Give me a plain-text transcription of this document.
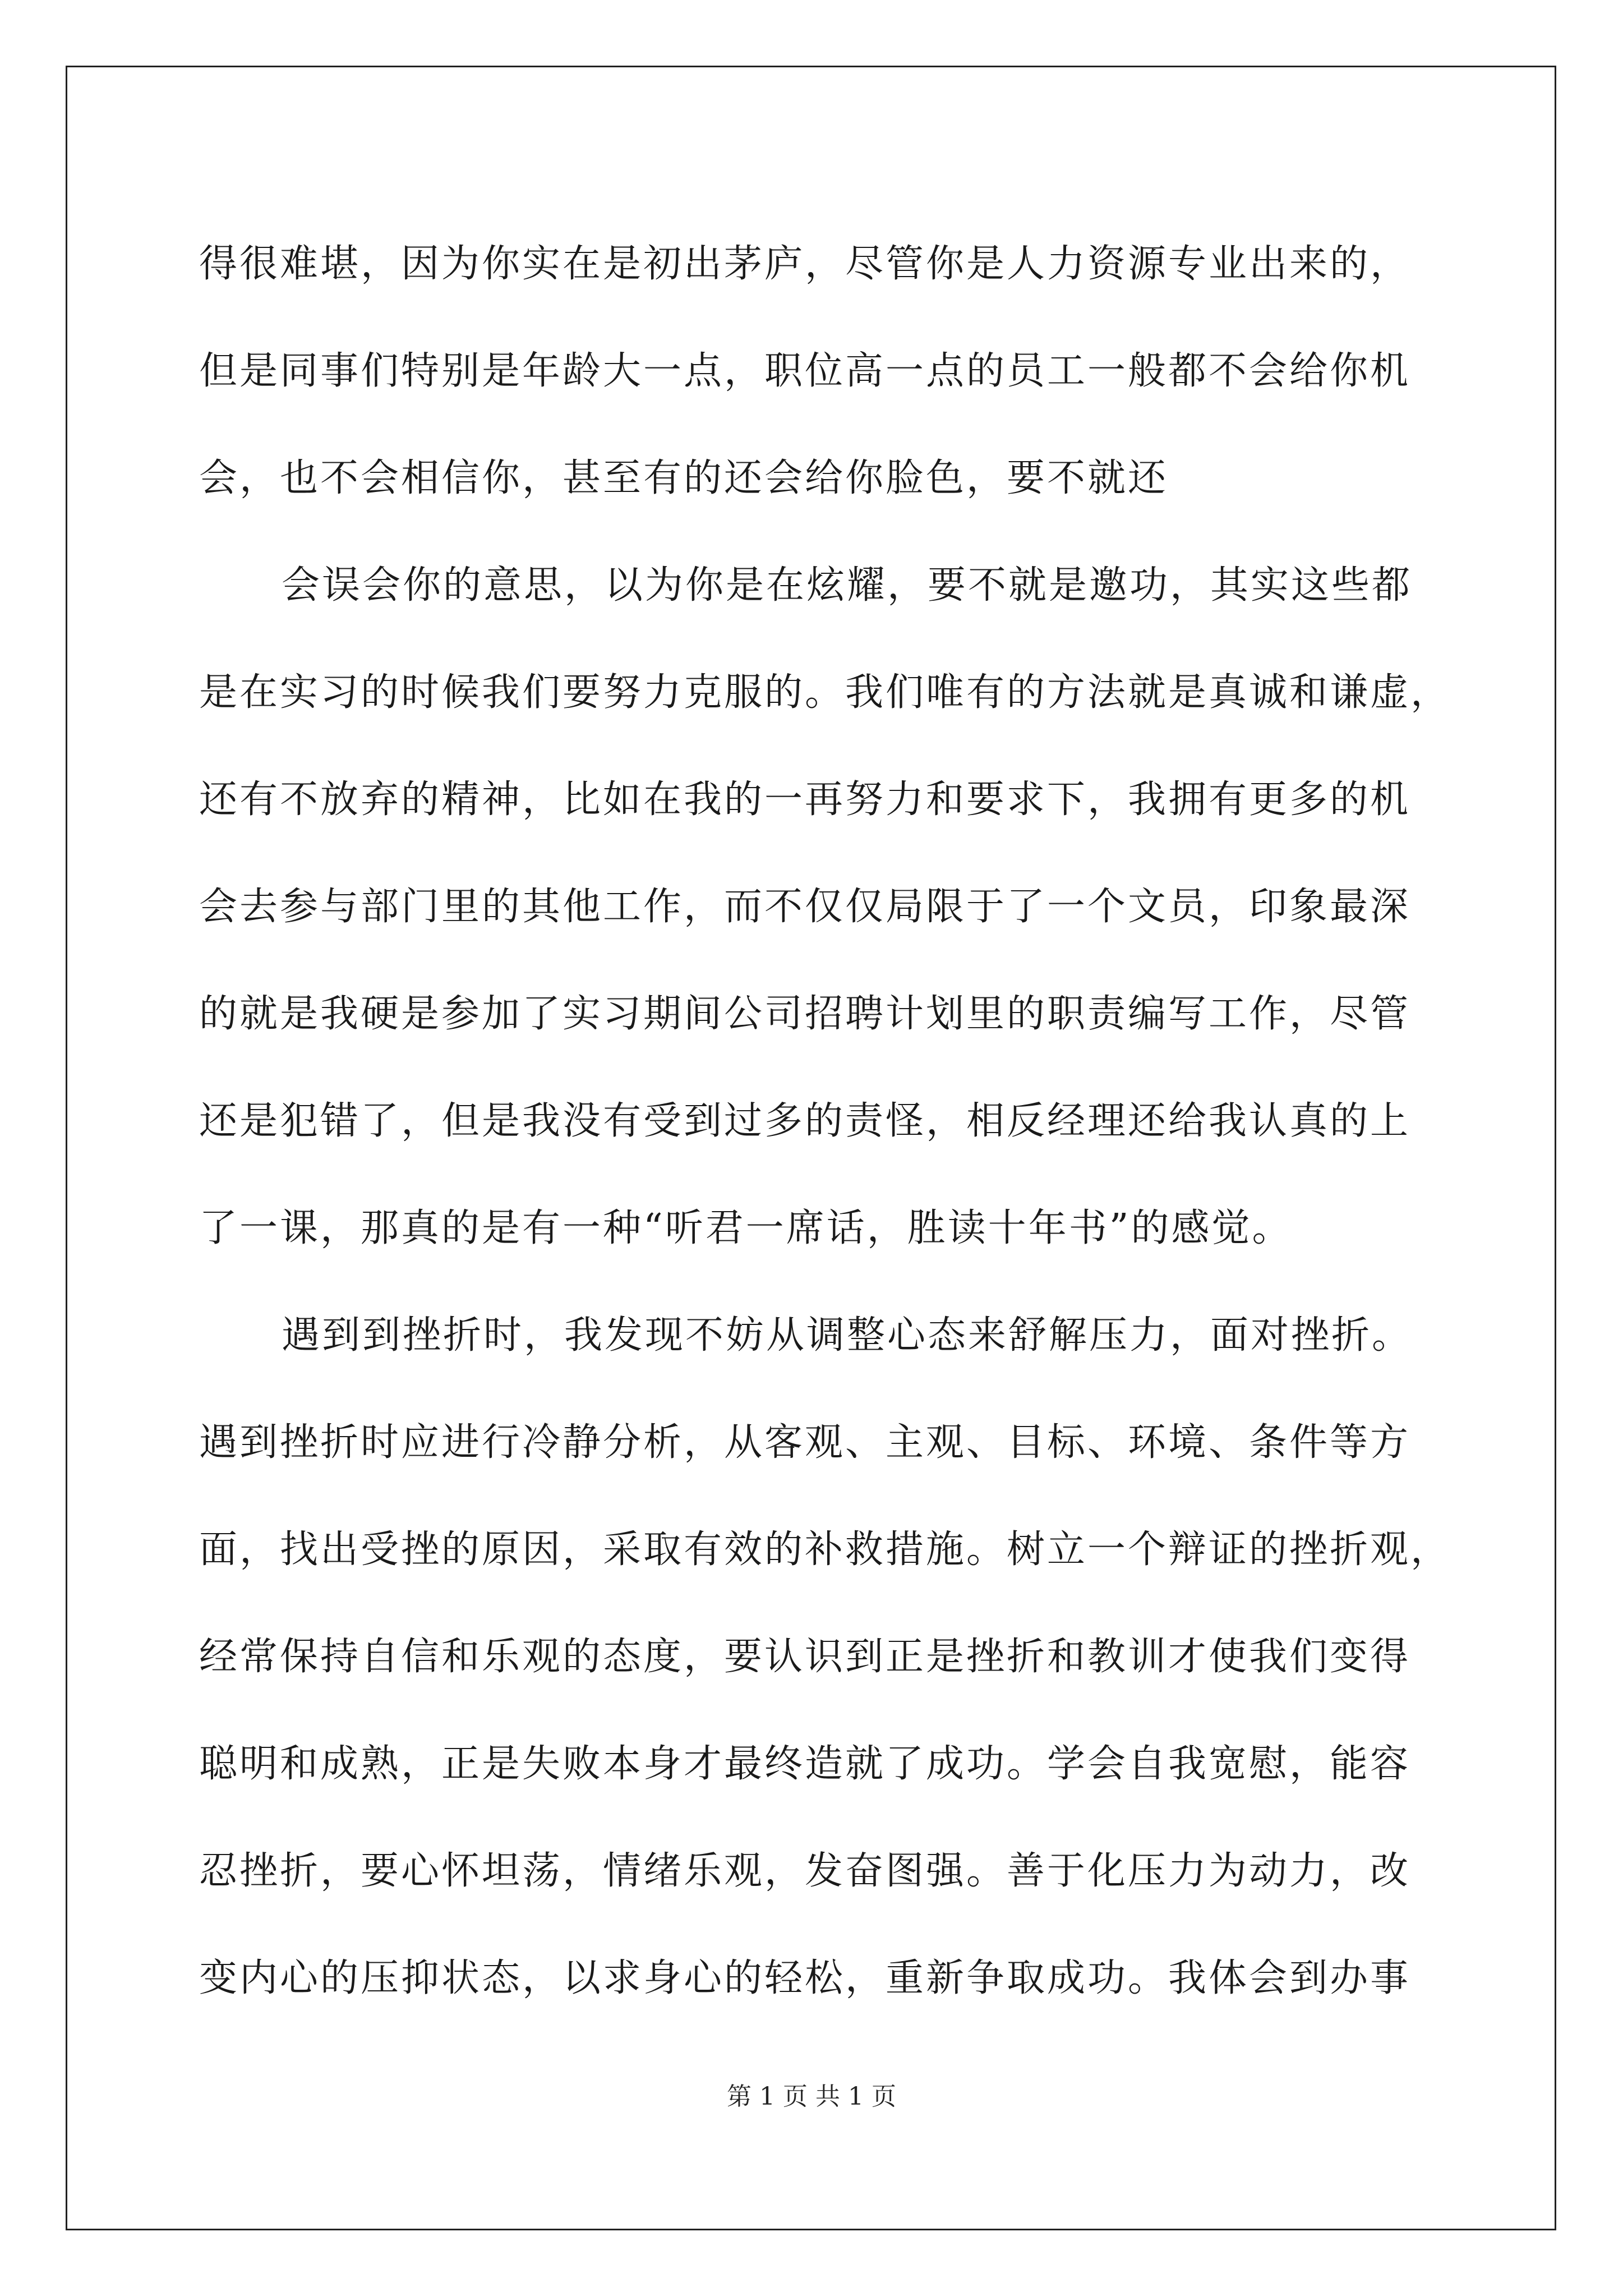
得很难堪，因为你实在是初出茅庐，尽管你是人力资源专业出来的，
但是同事们特别是年龄大一点，职位高一点的员工一般都不会给你机
会，也不会相信你，甚至有的还会给你脸色，要不就还
会误会你的意思，以为你是在炫耀，要不就是邀功，其实这些都
是在实习的时候我们要努力克服的。我们唯有的方法就是真诚和谦虚，
还有不放弃的精神，比如在我的一再努力和要求下，我拥有更多的机
会去参与部门里的其他工作，而不仅仅局限于了一个文员，印象最深
的就是我硬是参加了实习期间公司招聘计划里的职责编写工作，尽管
还是犯错了，但是我没有受到过多的责怪，相反经理还给我认真的上
了一课，那真的是有一种“听君一席话，胜读十年书”的感觉。
遇到到挫折时，我发现不妨从调整心态来舒解压力，面对挫折。
遇到挫折时应进行冷静分析，从客观、主观、目标、环境、条件等方
面，找出受挫的原因，采取有效的补救措施。树立一个辩证的挫折观，
经常保持自信和乐观的态度，要认识到正是挫折和教训才使我们变得
聪明和成熟，正是失败本身才最终造就了成功。学会自我宽慰，能容
忍挫折，要心怀坦荡，情绪乐观，发奋图强。善于化压力为动力，改
变内心的压抑状态，以求身心的轻松，重新争取成功。我体会到办事
第 1 页 共 1 页
